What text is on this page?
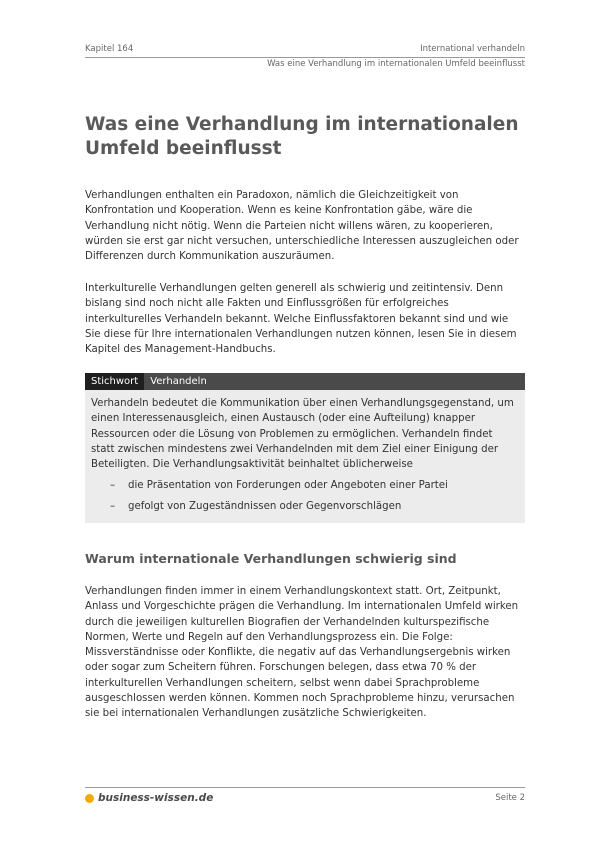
Kapitel 164	International verhandeln
Was eine Verhandlung im internationalen Umfeld beeinflusst
Was eine Verhandlung im internationalen Umfeld beeinflusst

Verhandlungen enthalten ein Paradoxon, nämlich die Gleichzeitigkeit von Konfrontation und Kooperation. Wenn es keine Konfrontation gäbe, wäre die Verhandlung nicht nötig. Wenn die Parteien nicht willens wären, zu kooperieren, würden sie erst gar nicht versuchen, unterschiedliche Interessen auszugleichen oder Differenzen durch Kommunikation auszuräumen.

Interkulturelle Verhandlungen gelten generell als schwierig und zeitintensiv. Denn bislang sind noch nicht alle Fakten und Einflussgrößen für erfolgreiches interkulturelles Verhandeln bekannt. Welche Einflussfaktoren bekannt sind und wie Sie diese für Ihre internationalen Verhandlungen nutzen können, lesen Sie in diesem Kapitel des Management-Handbuchs.

Stichwort	Verhandeln

Verhandeln bedeutet die Kommunikation über einen Verhandlungsgegenstand, um einen Interessenausgleich, einen Austausch (oder eine Aufteilung) knapper Ressourcen oder die Lösung von Problemen zu ermöglichen. Verhandeln findet statt zwischen mindestens zwei Verhandelnden mit dem Ziel einer Einigung der Beteiligten. Die Verhandlungsaktivität beinhaltet üblicherweise

–	die Präsentation von Forderungen oder Angeboten einer Partei
–	gefolgt von Zugeständnissen oder Gegenvorschlägen
Warum internationale Verhandlungen schwierig sind

Verhandlungen finden immer in einem Verhandlungskontext statt. Ort, Zeitpunkt, Anlass und Vorgeschichte prägen die Verhandlung. Im internationalen Umfeld wirken durch die jeweiligen kulturellen Biografien der Verhandelnden kulturspezifische Normen, Werte und Regeln auf den Verhandlungsprozess ein. Die Folge: Missverständnisse oder Konflikte, die negativ auf das Verhandlungsergebnis wirken oder sogar zum Scheitern führen. Forschungen belegen, dass etwa 70 % der interkulturellen Verhandlungen scheitern, selbst wenn dabei Sprachprobleme ausgeschlossen werden können. Kommen noch Sprachprobleme hinzu, verursachen sie bei internationalen Verhandlungen zusätzliche Schwierigkeiten.

business-wissen.de	Seite 2
